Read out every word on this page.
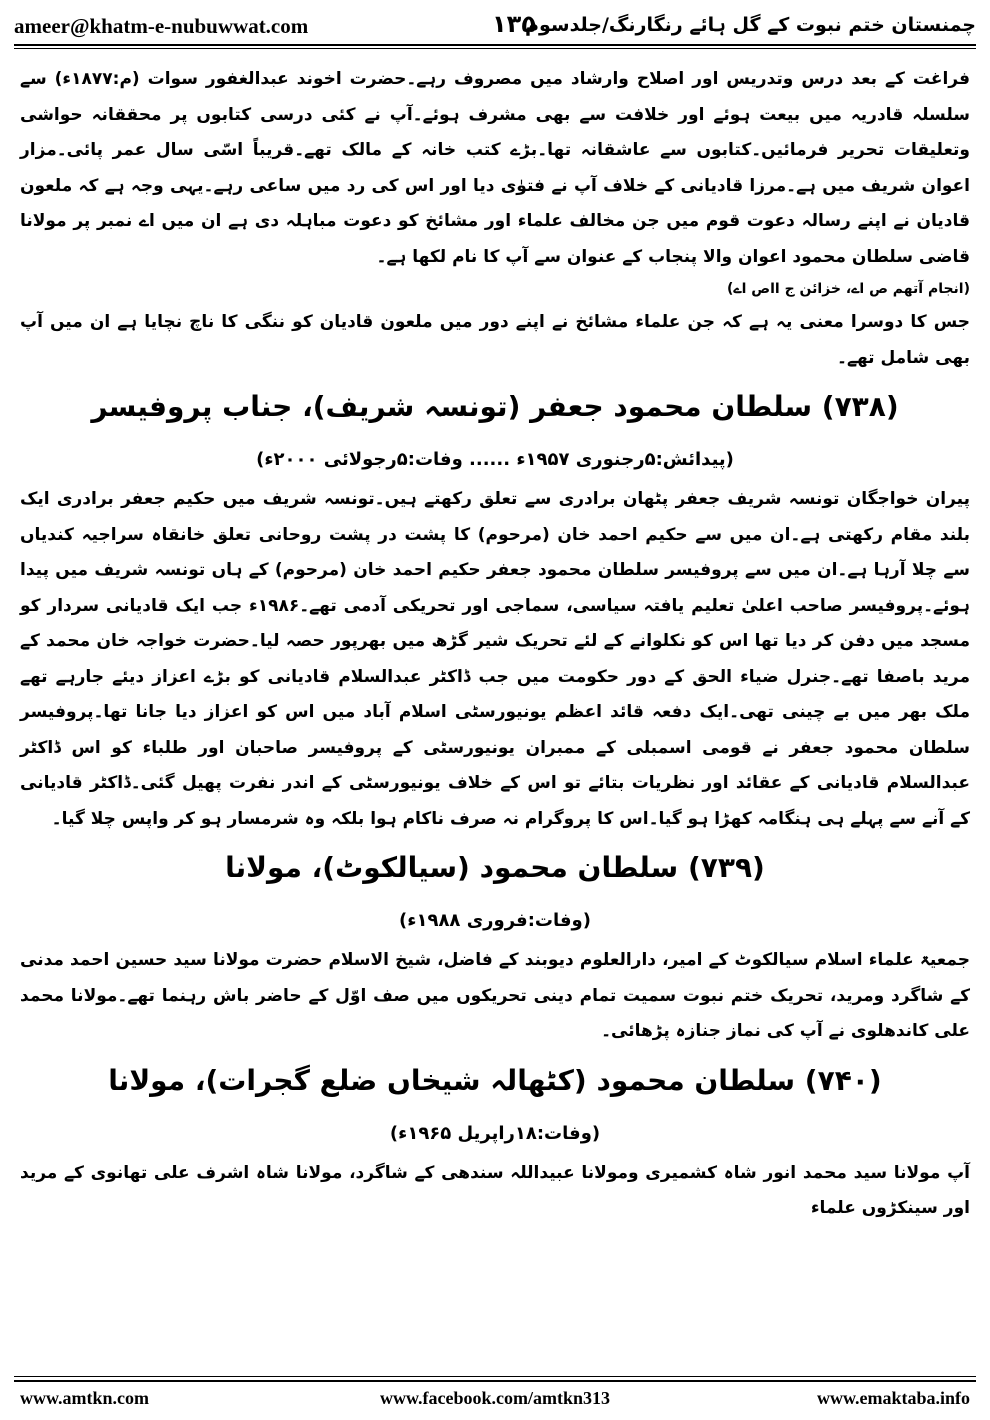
ameer@khatm-e-nubuwwat.com	۱۳۵
چمنستان ختم نبوت کے گل ہائے رنگارنگ/جلدسوم

فراغت کے بعد درس وتدریس اور اصلاح وارشاد میں مصروف رہے۔حضرت اخوند عبدالغفور سوات (م:۱۸۷۷ء) سے سلسلہ قادریہ میں بیعت ہوئے اور خلافت سے بھی مشرف ہوئے۔آپ نے کئی درسی کتابوں پر محققانہ حواشی وتعلیقات تحریر فرمائیں۔کتابوں سے عاشقانہ تھا۔بڑے کتب خانہ کے مالک تھے۔قریباً اسّی سال عمر پائی۔مزار اعوان شریف میں ہے۔مرزا قادیانی کے خلاف آپ نے فتوٰی دیا اور اس کی رد میں ساعی رہے۔یہی وجہ ہے کہ ملعون قادیان نے اپنے رسالہ دعوت قوم میں جن مخالف علماء اور مشائخ کو دعوت مباہلہ دی ہے ان میں اے نمبر پر مولانا قاضی سلطان محمود اعوان والا پنجاب کے عنوان سے آپ کا نام لکھا ہے۔

(انجام آتھم ص اے، خزائن ج ااص اے)

جس کا دوسرا معنی یہ ہے کہ جن علماء مشائخ نے اپنے دور میں ملعون قادیان کو ننگی کا ناچ نچایا ہے ان میں آپ بھی شامل تھے۔

(۷۳۸) سلطان محمود جعفر (تونسہ شریف)، جناب پروفیسر

(پیدائش:۵رجنوری ۱۹۵۷ء ...... وفات:۵رجولائی ۲۰۰۰ء)

پیران خواجگان تونسہ شریف جعفر پٹھان برادری سے تعلق رکھتے ہیں۔تونسہ شریف میں حکیم جعفر برادری ایک بلند مقام رکھتی ہے۔ان میں سے حکیم احمد خان (مرحوم) کا پشت در پشت روحانی تعلق خانقاہ سراجیہ کندیاں سے چلا آرہا ہے۔ان میں سے پروفیسر سلطان محمود جعفر حکیم احمد خان (مرحوم) کے ہاں تونسہ شریف میں پیدا ہوئے۔پروفیسر صاحب اعلیٰ تعلیم یافتہ سیاسی، سماجی اور تحریکی آدمی تھے۔۱۹۸۶ء جب ایک قادیانی سردار کو مسجد میں دفن کر دیا تھا اس کو نکلوانے کے لئے تحریک شیر گڑھ میں بھرپور حصہ لیا۔حضرت خواجہ خان محمد کے مرید باصفا تھے۔جنرل ضیاء الحق کے دور حکومت میں جب ڈاکٹر عبدالسلام قادیانی کو بڑے اعزاز دیئے جارہے تھے ملک بھر میں بے چینی تھی۔ایک دفعہ قائد اعظم یونیورسٹی اسلام آباد میں اس کو اعزاز دیا جانا تھا۔پروفیسر سلطان محمود جعفر نے قومی اسمبلی کے ممبران یونیورسٹی کے پروفیسر صاحبان اور طلباء کو اس ڈاکٹر عبدالسلام قادیانی کے عقائد اور نظریات بتائے تو اس کے خلاف یونیورسٹی کے اندر نفرت پھیل گئی۔ڈاکٹر قادیانی کے آنے سے پہلے ہی ہنگامہ کھڑا ہو گیا۔اس کا پروگرام نہ صرف ناکام ہوا بلکہ وہ شرمسار ہو کر واپس چلا گیا۔

(۷۳۹) سلطان محمود (سیالکوٹ)، مولانا

(وفات:فروری ۱۹۸۸ء)

جمعیۃ علماء اسلام سیالکوٹ کے امیر، دارالعلوم دیوبند کے فاضل، شیخ الاسلام حضرت مولانا سید حسین احمد مدنی کے شاگرد ومرید، تحریک ختم نبوت سمیت تمام دینی تحریکوں میں صف اوّل کے حاضر باش رہنما تھے۔مولانا محمد علی کاندھلوی نے آپ کی نماز جنازہ پڑھائی۔

(۷۴۰) سلطان محمود (کٹھالہ شیخاں ضلع گجرات)، مولانا

(وفات:۱۸راپریل ۱۹۶۵ء)

آپ مولانا سید محمد انور شاہ کشمیری ومولانا عبیداللہ سندھی کے شاگرد، مولانا شاہ اشرف علی تھانوی کے مرید اور سینکڑوں علماء

www.amtkn.com	www.facebook.com/amtkn313	www.emaktaba.info
